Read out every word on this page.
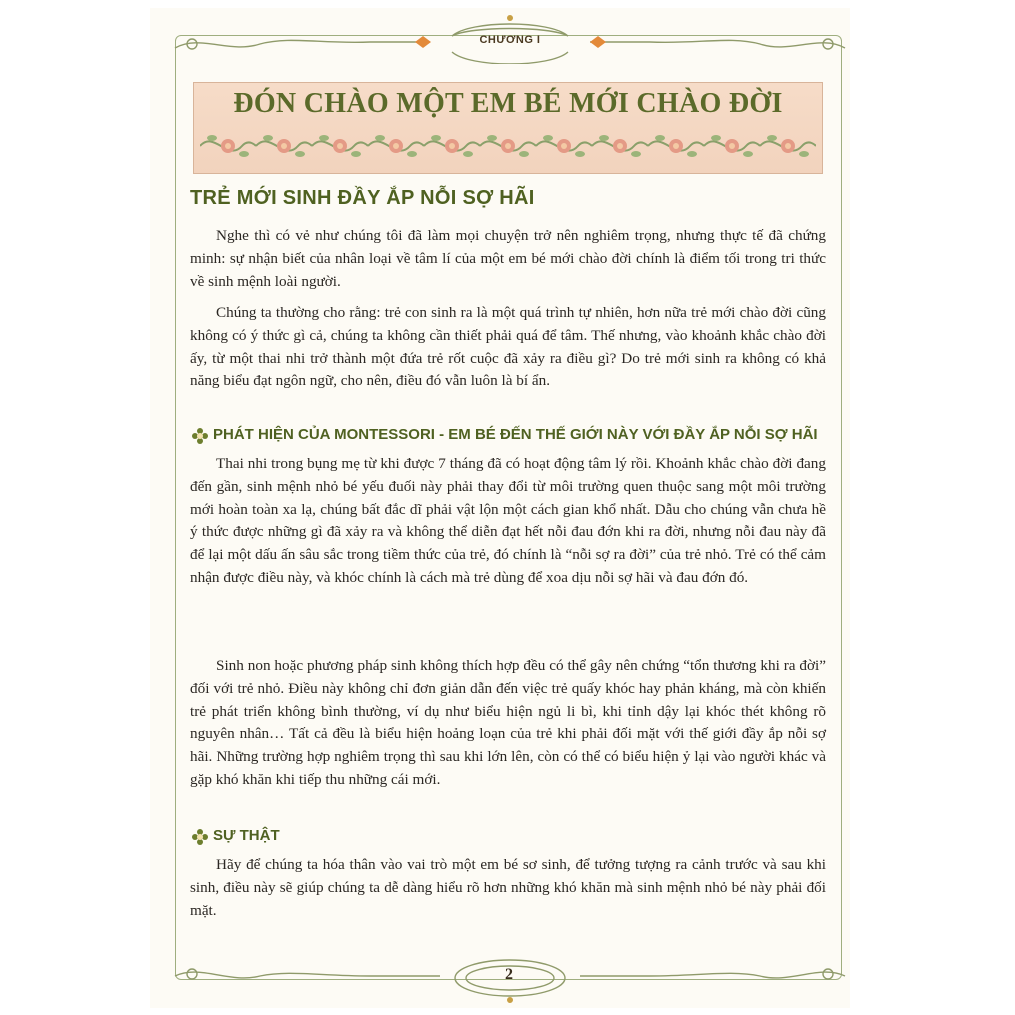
CHƯƠNG I
ĐÓN CHÀO MỘT EM BÉ MỚI CHÀO ĐỜI
TRẺ MỚI SINH ĐẦY ẮP NỖI SỢ HÃI

Nghe thì có vẻ như chúng tôi đã làm mọi chuyện trở nên nghiêm trọng, nhưng thực tế đã chứng minh: sự nhận biết của nhân loại về tâm lí của một em bé mới chào đời chính là điểm tối trong tri thức về sinh mệnh loài người.

Chúng ta thường cho rằng: trẻ con sinh ra là một quá trình tự nhiên, hơn nữa trẻ mới chào đời cũng không có ý thức gì cả, chúng ta không cần thiết phải quá để tâm. Thế nhưng, vào khoảnh khắc chào đời ấy, từ một thai nhi trở thành một đứa trẻ rốt cuộc đã xảy ra điều gì? Do trẻ mới sinh ra không có khả năng biểu đạt ngôn ngữ, cho nên, điều đó vẫn luôn là bí ẩn.

PHÁT HIỆN CỦA MONTESSORI - EM BÉ ĐẾN THẾ GIỚI NÀY VỚI ĐẦY ẮP NỖI SỢ HÃI

Thai nhi trong bụng mẹ từ khi được 7 tháng đã có hoạt động tâm lý rồi. Khoảnh khắc chào đời đang đến gần, sinh mệnh nhỏ bé yếu đuối này phải thay đổi từ môi trường quen thuộc sang một môi trường mới hoàn toàn xa lạ, chúng bất đắc dĩ phải vật lộn một cách gian khổ nhất. Dẫu cho chúng vẫn chưa hề ý thức được những gì đã xảy ra và không thể diễn đạt hết nỗi đau đớn khi ra đời, nhưng nỗi đau này đã để lại một dấu ấn sâu sắc trong tiềm thức của trẻ, đó chính là “nỗi sợ ra đời” của trẻ nhỏ. Trẻ có thể cảm nhận được điều này, và khóc chính là cách mà trẻ dùng để xoa dịu nỗi sợ hãi và đau đớn đó.

Sinh non hoặc phương pháp sinh không thích hợp đều có thể gây nên chứng “tổn thương khi ra đời” đối với trẻ nhỏ. Điều này không chỉ đơn giản dẫn đến việc trẻ quấy khóc hay phản kháng, mà còn khiến trẻ phát triển không bình thường, ví dụ như biểu hiện ngủ li bì, khi tỉnh dậy lại khóc thét không rõ nguyên nhân… Tất cả đều là biểu hiện hoảng loạn của trẻ khi phải đối mặt với thế giới đầy ắp nỗi sợ hãi. Những trường hợp nghiêm trọng thì sau khi lớn lên, còn có thể có biểu hiện ỷ lại vào người khác và gặp khó khăn khi tiếp thu những cái mới.

SỰ THẬT

Hãy để chúng ta hóa thân vào vai trò một em bé sơ sinh, để tưởng tượng ra cảnh trước và sau khi sinh, điều này sẽ giúp chúng ta dễ dàng hiểu rõ hơn những khó khăn mà sinh mệnh nhỏ bé này phải đối mặt.

2
